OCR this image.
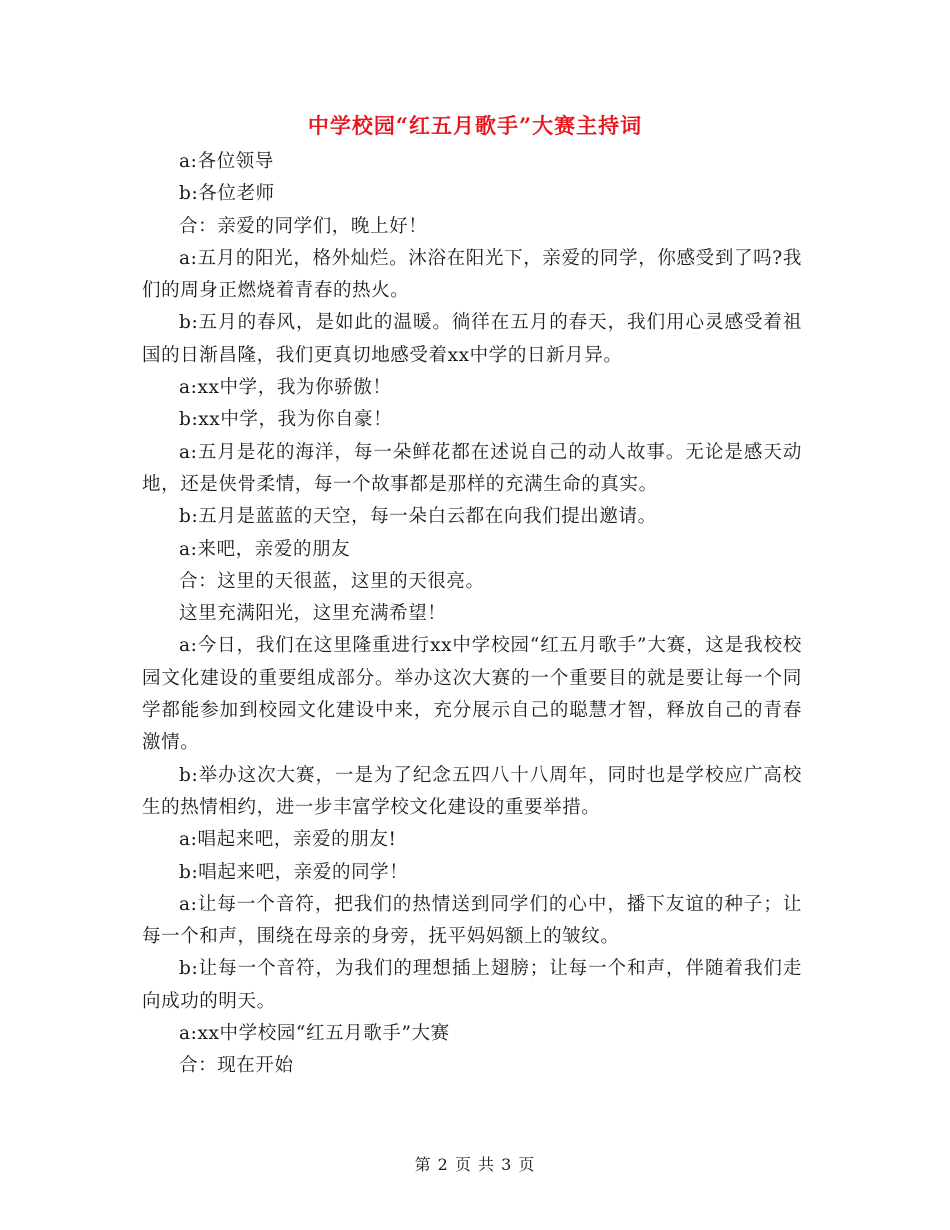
中学校园“红五月歌手”大赛主持词

a:各位领导

b:各位老师

合：亲爱的同学们，晚上好！

a:五月的阳光，格外灿烂。沐浴在阳光下，亲爱的同学，你感受到了吗?我们的周身正燃烧着青春的热火。

b:五月的春风，是如此的温暖。徜徉在五月的春天，我们用心灵感受着祖国的日渐昌隆，我们更真切地感受着xx中学的日新月异。

a:xx中学，我为你骄傲！

b:xx中学，我为你自豪！

a:五月是花的海洋，每一朵鲜花都在述说自己的动人故事。无论是感天动地，还是侠骨柔情，每一个故事都是那样的充满生命的真实。

b:五月是蓝蓝的天空，每一朵白云都在向我们提出邀请。

a:来吧，亲爱的朋友

合：这里的天很蓝，这里的天很亮。

这里充满阳光，这里充满希望！

a:今日，我们在这里隆重进行xx中学校园“红五月歌手”大赛，这是我校校园文化建设的重要组成部分。举办这次大赛的一个重要目的就是要让每一个同学都能参加到校园文化建设中来，充分展示自己的聪慧才智，释放自己的青春激情。

b:举办这次大赛，一是为了纪念五四八十八周年，同时也是学校应广高校生的热情相约，进一步丰富学校文化建设的重要举措。

a:唱起来吧，亲爱的朋友!

b:唱起来吧，亲爱的同学！

a:让每一个音符，把我们的热情送到同学们的心中，播下友谊的种子；让每一个和声，围绕在母亲的身旁，抚平妈妈额上的皱纹。

b:让每一个音符，为我们的理想插上翅膀；让每一个和声，伴随着我们走向成功的明天。

a:xx中学校园“红五月歌手”大赛

合：现在开始

第 2 页 共 3 页
